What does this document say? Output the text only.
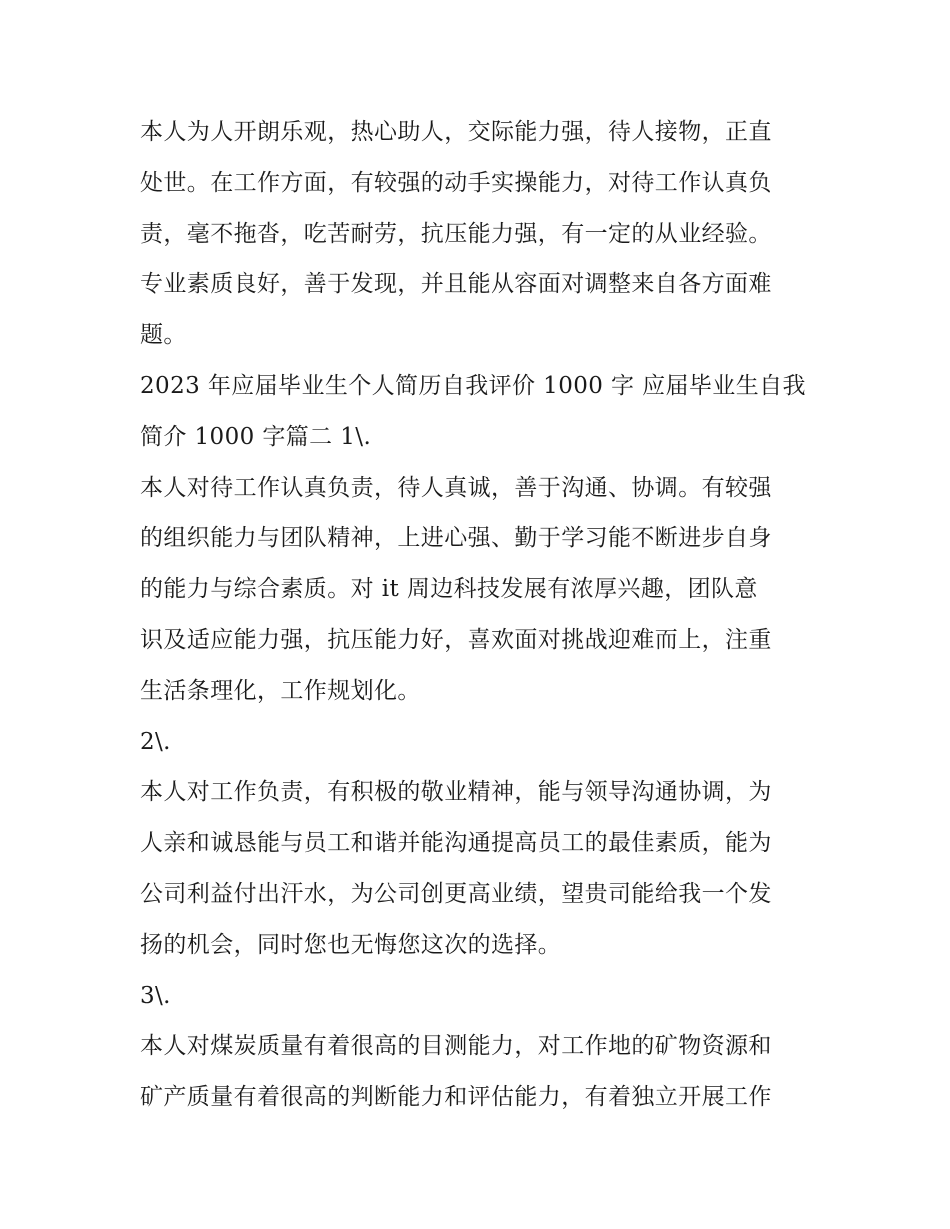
本人为人开朗乐观，热心助人，交际能力强，待人接物，正直
处世。在工作方面，有较强的动手实操能力，对待工作认真负
责，毫不拖沓，吃苦耐劳，抗压能力强，有一定的从业经验。
专业素质良好，善于发现，并且能从容面对调整来自各方面难
题。
2023 年应届毕业生个人简历自我评价 1000 字 应届毕业生自我
简介 1000 字篇二 1\.
本人对待工作认真负责，待人真诚，善于沟通、协调。有较强
的组织能力与团队精神，上进心强、勤于学习能不断进步自身
的能力与综合素质。对 it 周边科技发展有浓厚兴趣，团队意
识及适应能力强，抗压能力好，喜欢面对挑战迎难而上，注重
生活条理化，工作规划化。
2\.
本人对工作负责，有积极的敬业精神，能与领导沟通协调，为
人亲和诚恳能与员工和谐并能沟通提高员工的最佳素质，能为
公司利益付出汗水，为公司创更高业绩，望贵司能给我一个发
扬的机会，同时您也无悔您这次的选择。
3\.
本人对煤炭质量有着很高的目测能力，对工作地的矿物资源和
矿产质量有着很高的判断能力和评估能力，有着独立开展工作
